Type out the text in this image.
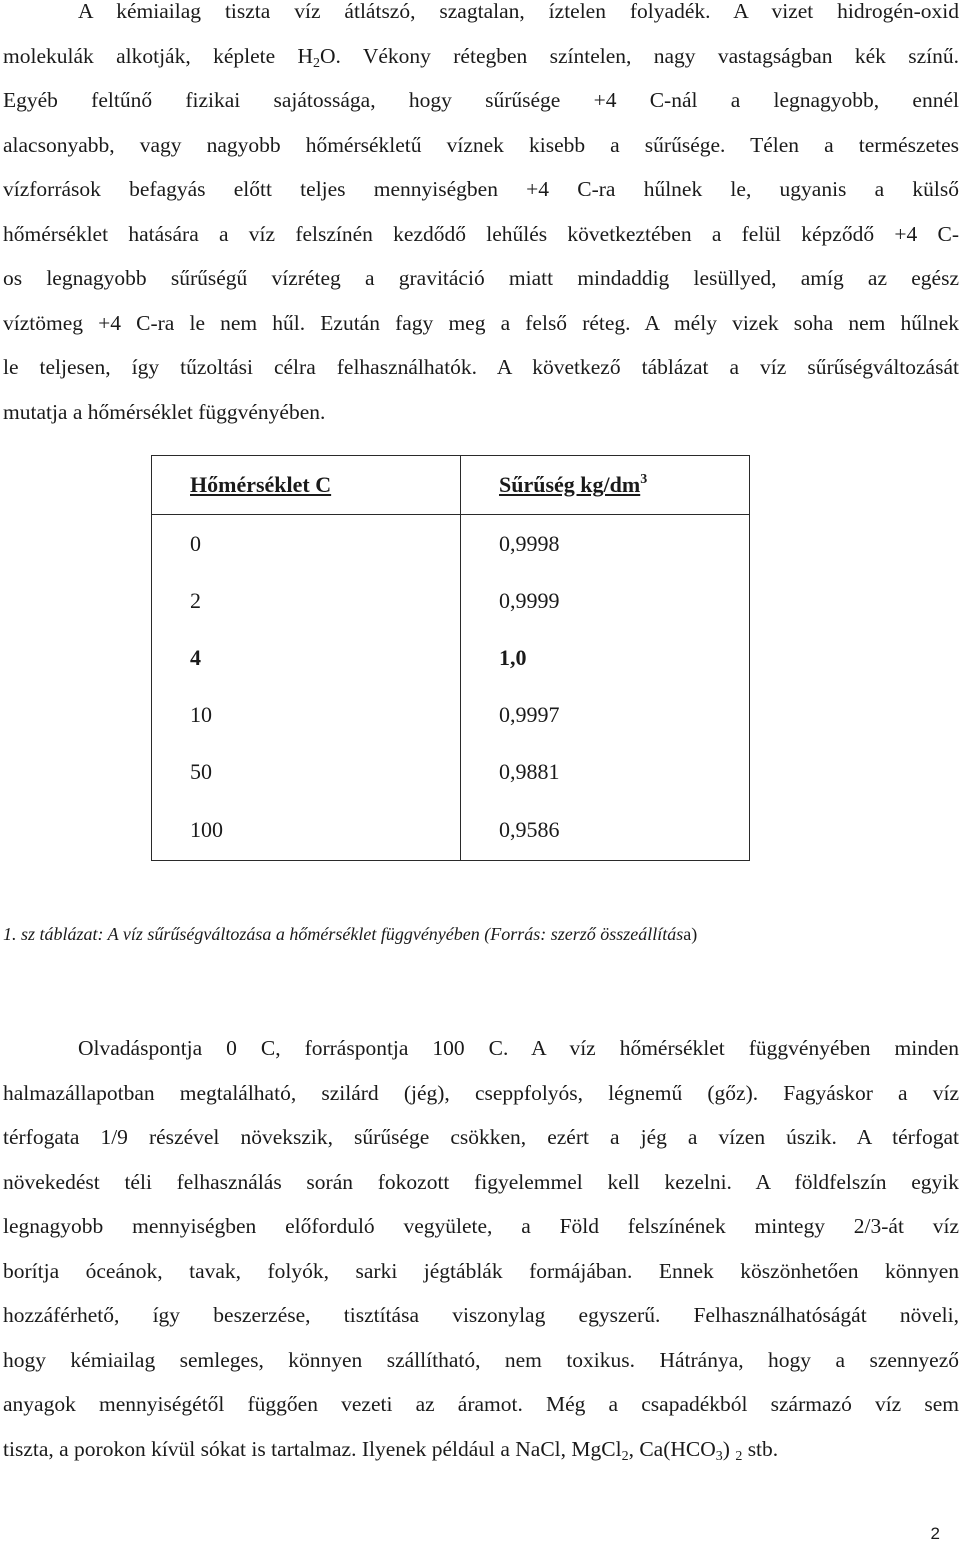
A kémiailag tiszta víz átlátszó, szagtalan, íztelen folyadék. A vizet hidrogén-oxid
molekulák alkotják, képlete $H_2O$. Vékony rétegben színtelen, nagy vastagságban kék színű.
Egyéb feltűnő fizikai sajátossága, hogy sűrűsége +4 C-nál a legnagyobb, ennél
alacsonyabb, vagy nagyobb hőmérsékletű víznek kisebb a sűrűsége. Télen a természetes
vízforrások befagyás előtt teljes mennyiségben +4 C-ra hűlnek le, ugyanis a külső
hőmérséklet hatására a víz felszínén kezdődő lehűlés következtében a felül képződő +4 C-
os legnagyobb sűrűségű vízréteg a gravitáció miatt mindaddig lesüllyed, amíg az egész
víztömeg +4 C-ra le nem hűl. Ezután fagy meg a felső réteg. A mély vizek soha nem hűlnek
le teljesen, így tűzoltási célra felhasználhatók. A következő táblázat a víz sűrűségváltozását
mutatja a hőmérséklet függvényében.
Hőmérséklet C	Sűrűség $kg/dm^3$
0	0,9998
2	0,9999
4	1,0
10	0,9997
50	0,9881
100	0,9586
1. sz táblázat: A víz sűrűségváltozása a hőmérséklet függvényében (Forrás: szerző összeállítása)
Olvadáspontja 0 C, forráspontja 100 C. A víz hőmérséklet függvényében minden
halmazállapotban megtalálható, szilárd (jég), cseppfolyós, légnemű (gőz). Fagyáskor a víz
térfogata 1/9 részével növekszik, sűrűsége csökken, ezért a jég a vízen úszik. A térfogat
növekedést téli felhasználás során fokozott figyelemmel kell kezelni. A földfelszín egyik
legnagyobb mennyiségben előforduló vegyülete, a Föld felszínének mintegy 2/3-át víz
borítja óceánok, tavak, folyók, sarki jégtáblák formájában. Ennek köszönhetően könnyen
hozzáférhető, így beszerzése, tisztítása viszonylag egyszerű. Felhasználhatóságát növeli,
hogy kémiailag semleges, könnyen szállítható, nem toxikus. Hátránya, hogy a szennyező
anyagok mennyiségétől függően vezeti az áramot. Még a csapadékból származó víz sem
tiszta, a porokon kívül sókat is tartalmaz. Ilyenek például a NaCl, MgCl$_2$, $Ca(HCO_3)$ $_2$ stb.
2
